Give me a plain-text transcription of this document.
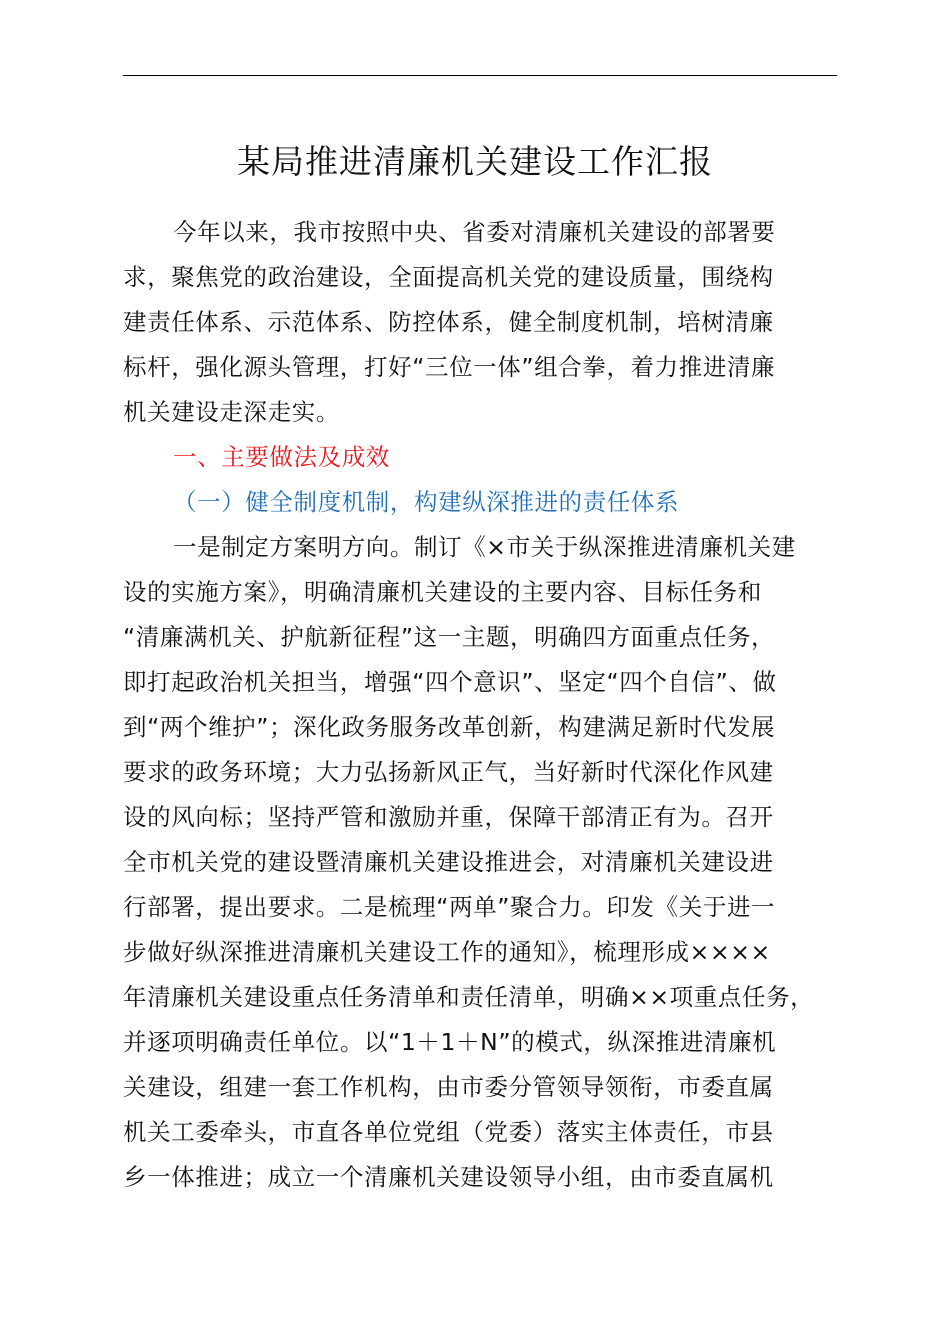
某局推进清廉机关建设工作汇报
今年以来，我市按照中央、省委对清廉机关建设的部署要
求，聚焦党的政治建设，全面提高机关党的建设质量，围绕构
建责任体系、示范体系、防控体系，健全制度机制，培树清廉
标杆，强化源头管理，打好“三位一体”组合拳，着力推进清廉
机关建设走深走实。
一、主要做法及成效
（一）健全制度机制，构建纵深推进的责任体系
一是制定方案明方向。制订《×市关于纵深推进清廉机关建
设的实施方案》，明确清廉机关建设的主要内容、目标任务和
“清廉满机关、护航新征程”这一主题，明确四方面重点任务，
即打起政治机关担当，增强“四个意识”、坚定“四个自信”、做
到“两个维护”；深化政务服务改革创新，构建满足新时代发展
要求的政务环境；大力弘扬新风正气，当好新时代深化作风建
设的风向标；坚持严管和激励并重，保障干部清正有为。召开
全市机关党的建设暨清廉机关建设推进会，对清廉机关建设进
行部署，提出要求。二是梳理“两单”聚合力。印发《关于进一
步做好纵深推进清廉机关建设工作的通知》，梳理形成××××
年清廉机关建设重点任务清单和责任清单，明确××项重点任务，
并逐项明确责任单位。以“1＋1＋N”的模式，纵深推进清廉机
关建设，组建一套工作机构，由市委分管领导领衔，市委直属
机关工委牵头，市直各单位党组（党委）落实主体责任，市县
乡一体推进；成立一个清廉机关建设领导小组，由市委直属机
